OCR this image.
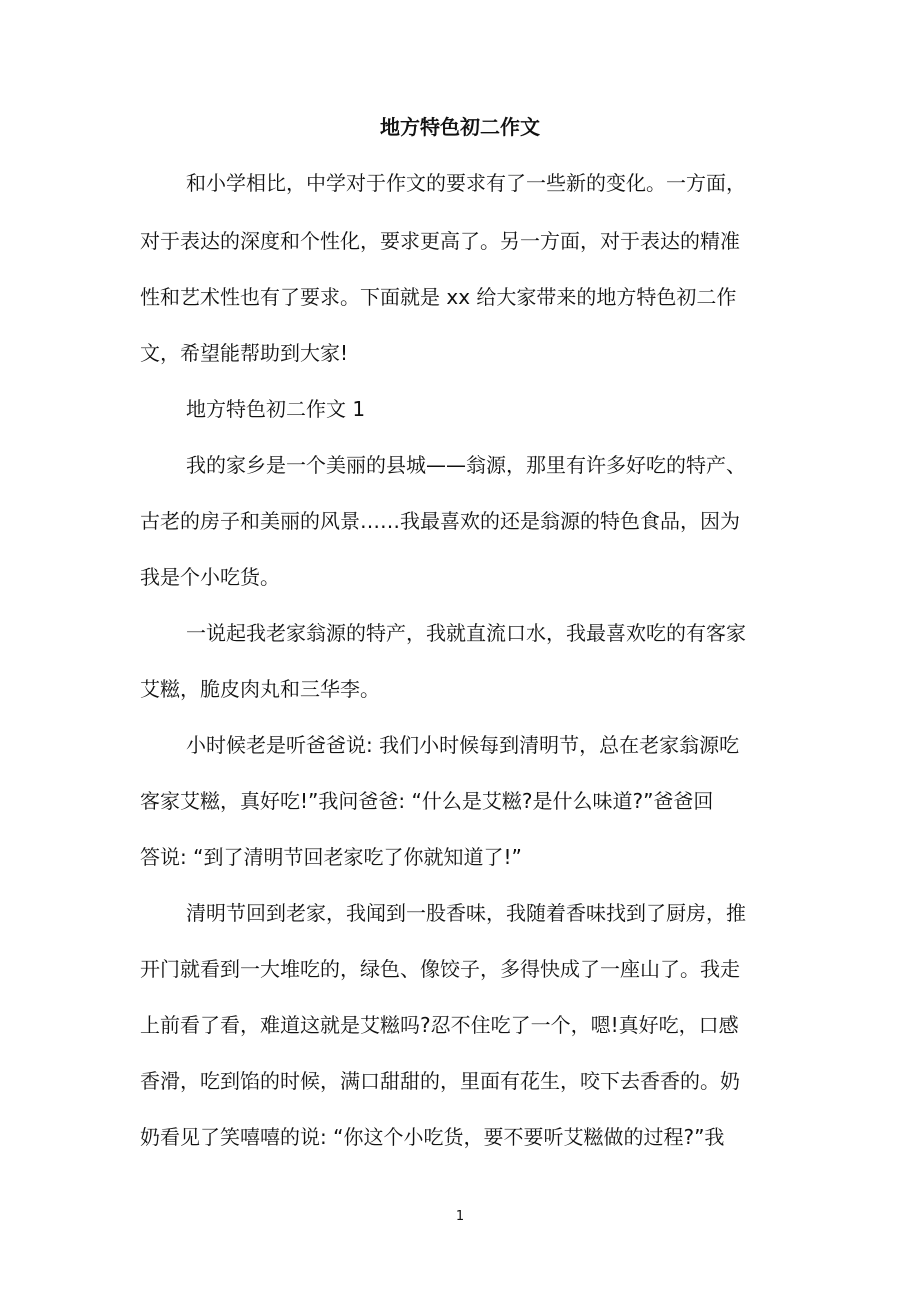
地方特色初二作文

和小学相比，中学对于作文的要求有了一些新的变化。一方面，

对于表达的深度和个性化，要求更高了。另一方面，对于表达的精准

性和艺术性也有了要求。下面就是 xx 给大家带来的地方特色初二作

文，希望能帮助到大家!

地方特色初二作文 1

我的家乡是一个美丽的县城——翁源，那里有许多好吃的特产、

古老的房子和美丽的风景……我最喜欢的还是翁源的特色食品，因为

我是个小吃货。

一说起我老家翁源的特产，我就直流口水，我最喜欢吃的有客家

艾糍，脆皮肉丸和三华李。

小时候老是听爸爸说: 我们小时候每到清明节，总在老家翁源吃

客家艾糍，真好吃!”我问爸爸: “什么是艾糍?是什么味道?”爸爸回

答说: “到了清明节回老家吃了你就知道了!”

清明节回到老家，我闻到一股香味，我随着香味找到了厨房，推

开门就看到一大堆吃的，绿色、像饺子，多得快成了一座山了。我走

上前看了看，难道这就是艾糍吗?忍不住吃了一个，嗯!真好吃，口感

香滑，吃到馅的时候，满口甜甜的，里面有花生，咬下去香香的。奶

奶看见了笑嘻嘻的说: “你这个小吃货，要不要听艾糍做的过程?”我

1
